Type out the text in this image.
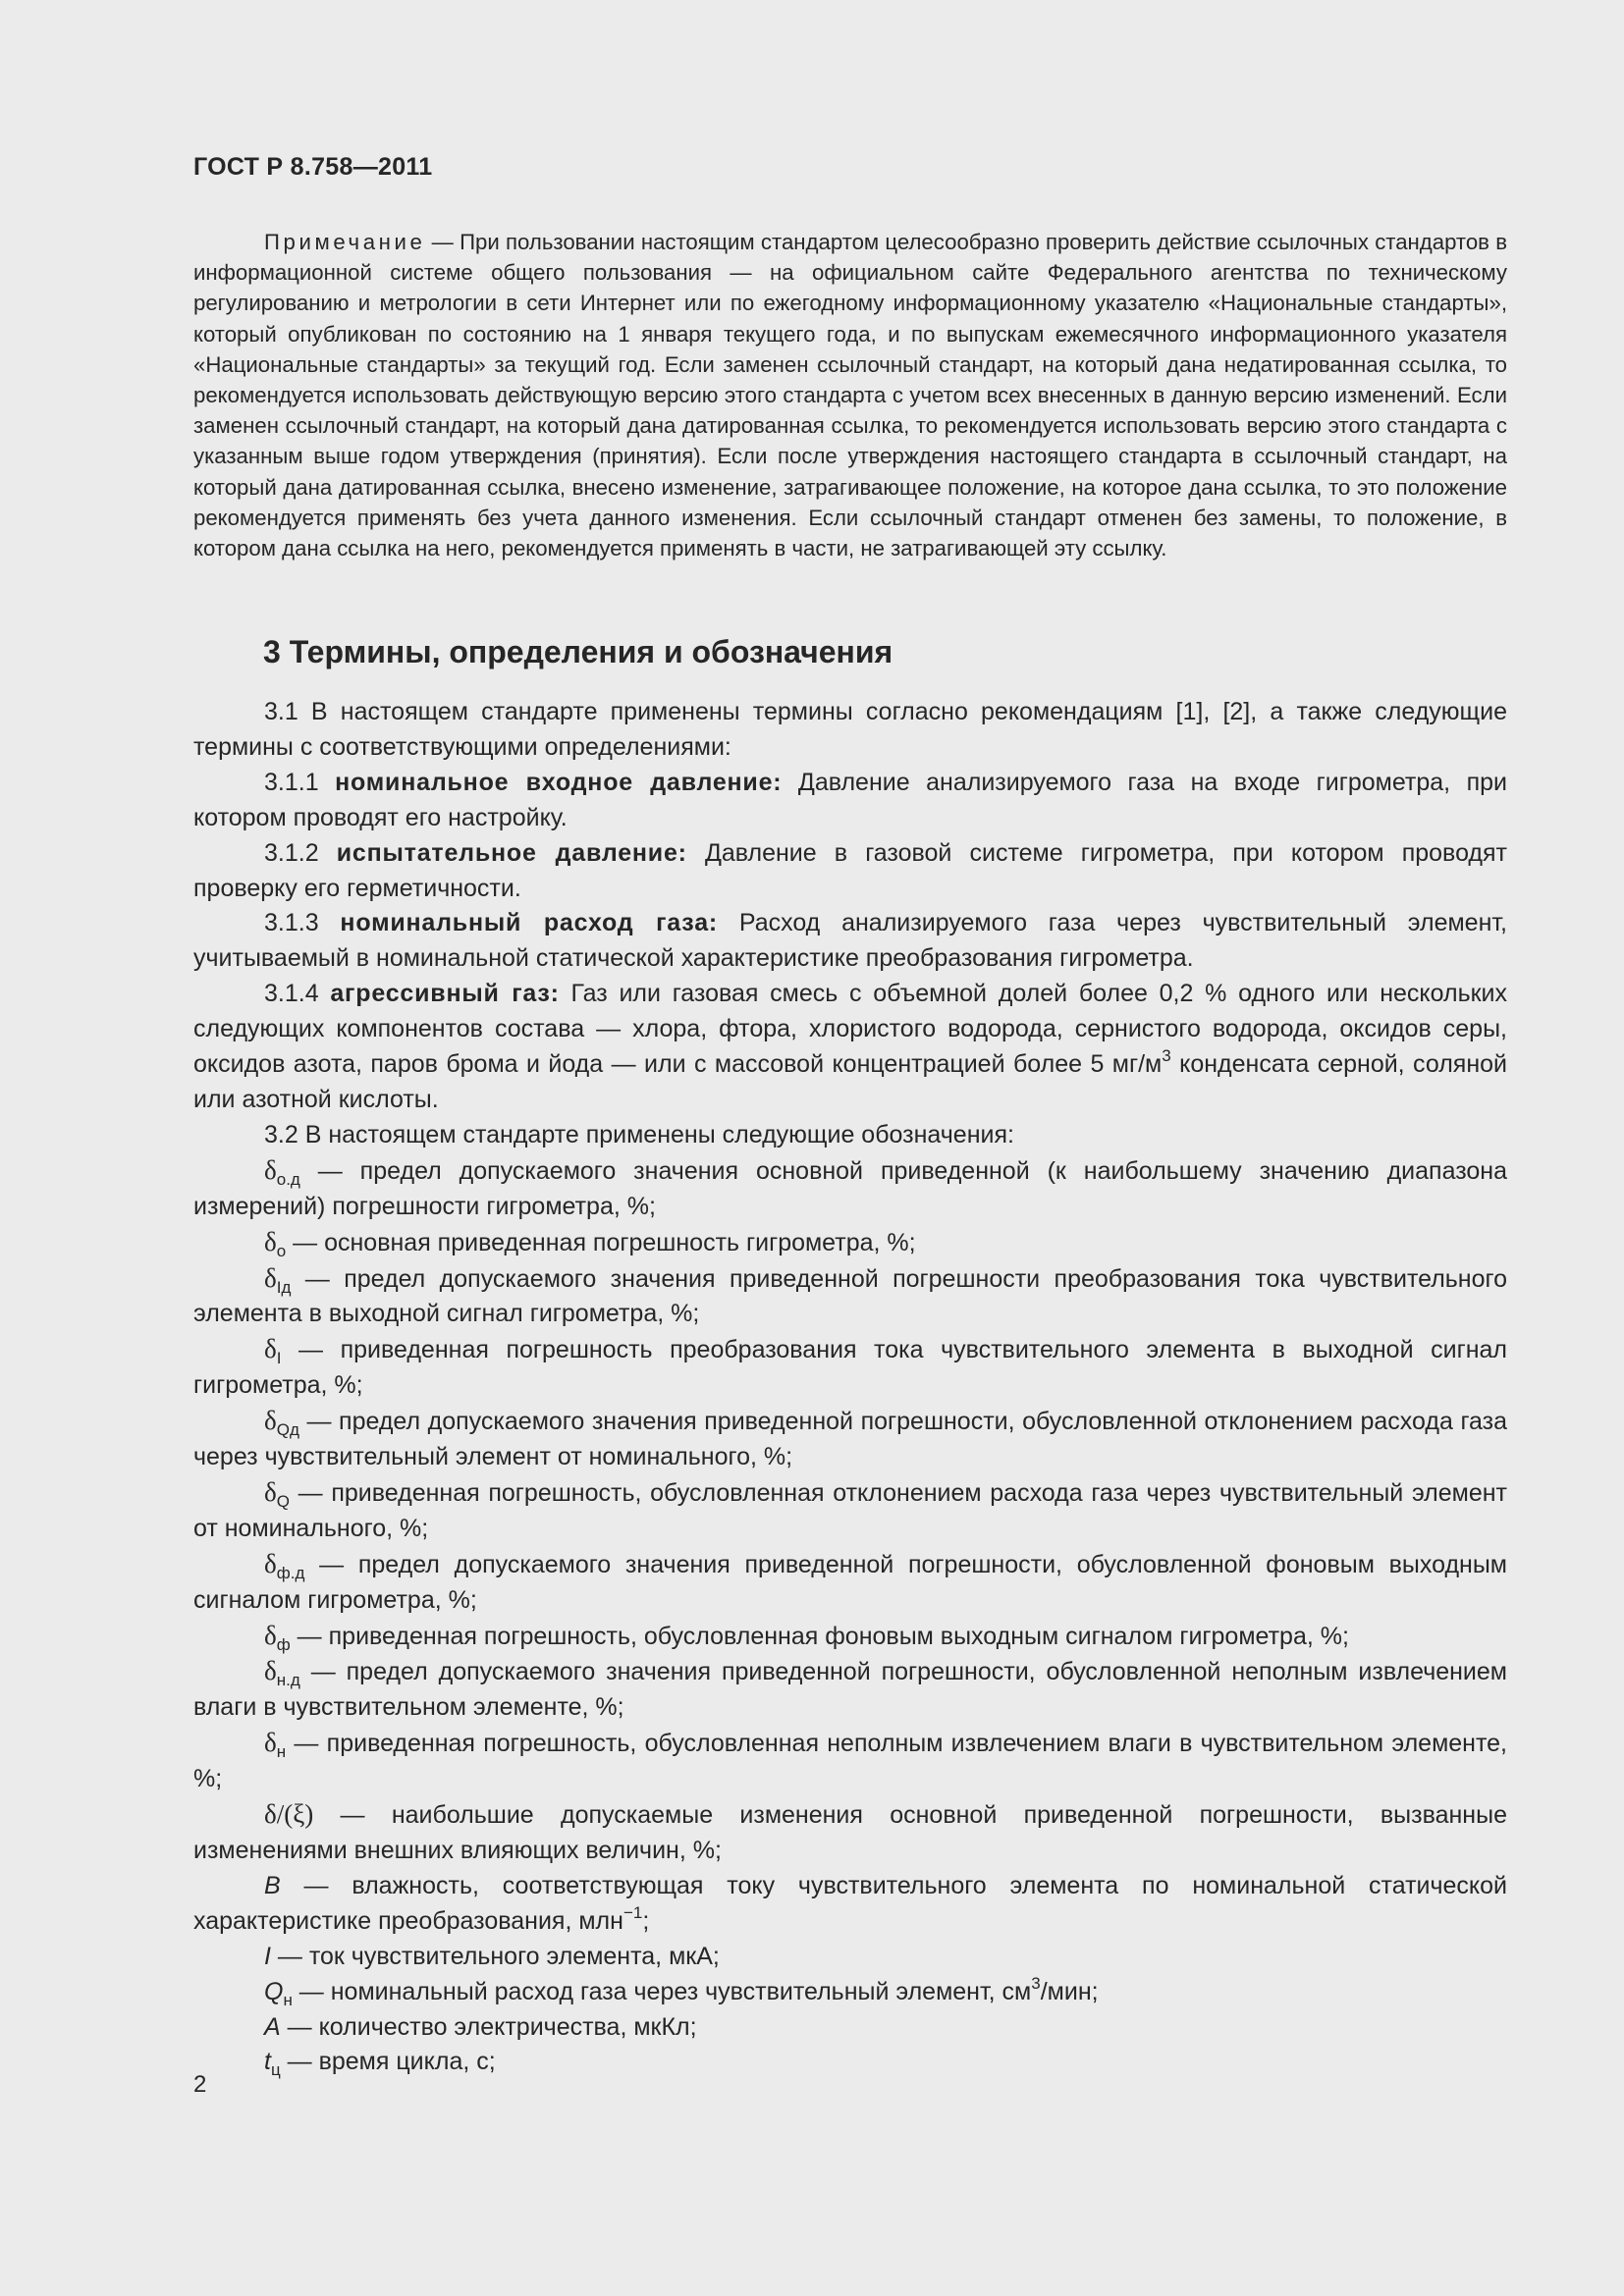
ГОСТ Р 8.758—2011
Примечание — При пользовании настоящим стандартом целесообразно проверить действие ссылочных стандартов в информационной системе общего пользования — на официальном сайте Федерального агентства по техническому регулированию и метрологии в сети Интернет или по ежегодному информационному указателю «Национальные стандарты», который опубликован по состоянию на 1 января текущего года, и по выпускам ежемесячного информационного указателя «Национальные стандарты» за текущий год. Если заменен ссылочный стандарт, на который дана недатированная ссылка, то рекомендуется использовать действующую версию этого стандарта с учетом всех внесенных в данную версию изменений. Если заменен ссылочный стандарт, на который дана датированная ссылка, то рекомендуется использовать версию этого стандарта с указанным выше годом утверждения (принятия). Если после утверждения настоящего стандарта в ссылочный стандарт, на который дана датированная ссылка, внесено изменение, затрагивающее положение, на которое дана ссылка, то это положение рекомендуется применять без учета данного изменения. Если ссылочный стандарт отменен без замены, то положение, в котором дана ссылка на него, рекомендуется применять в части, не затрагивающей эту ссылку.
3 Термины, определения и обозначения

3.1 В настоящем стандарте применены термины согласно рекомендациям [1], [2], а также следующие термины с соответствующими определениями:

3.1.1 номинальное входное давление: Давление анализируемого газа на входе гигрометра, при котором проводят его настройку.

3.1.2 испытательное давление: Давление в газовой системе гигрометра, при котором проводят проверку его герметичности.

3.1.3 номинальный расход газа: Расход анализируемого газа через чувствительный элемент, учитываемый в номинальной статической характеристике преобразования гигрометра.

3.1.4 агрессивный газ: Газ или газовая смесь с объемной долей более 0,2 % одного или нескольких следующих компонентов состава — хлора, фтора, хлористого водорода, сернистого водорода, оксидов серы, оксидов азота, паров брома и йода — или с массовой концентрацией более 5 $мг/м^3$ конденсата серной, соляной или азотной кислоты.

3.2 В настоящем стандарте применены следующие обозначения:

$\delta_{о.д}$ — предел допускаемого значения основной приведенной (к наибольшему значению диапазона измерений) погрешности гигрометра, %;

$\delta_о$ — основная приведенная погрешность гигрометра, %;

$\delta_{Iд}$ — предел допускаемого значения приведенной погрешности преобразования тока чувствительного элемента в выходной сигнал гигрометра, %;

$\delta_I$ — приведенная погрешность преобразования тока чувствительного элемента в выходной сигнал гигрометра, %;

$\delta_{Qд}$ — предел допускаемого значения приведенной погрешности, обусловленной отклонением расхода газа через чувствительный элемент от номинального, %;

$\delta_Q$ — приведенная погрешность, обусловленная отклонением расхода газа через чувствительный элемент от номинального, %;

$\delta_{ф.д}$ — предел допускаемого значения приведенной погрешности, обусловленной фоновым выходным сигналом гигрометра, %;

$\delta_ф$ — приведенная погрешность, обусловленная фоновым выходным сигналом гигрометра, %;

$\delta_{н.д}$ — предел допускаемого значения приведенной погрешности, обусловленной неполным извлечением влаги в чувствительном элементе, %;

$\delta_н$ — приведенная погрешность, обусловленная неполным извлечением влаги в чувствительном элементе, %;

δ/(ξ) — наибольшие допускаемые изменения основной приведенной погрешности, вызванные изменениями внешних влияющих величин, %;

B — влажность, соответствующая току чувствительного элемента по номинальной статической характеристике преобразования, млн$^{-1}$;

I — ток чувствительного элемента, мкА;

$Q_н$ — номинальный расход газа через чувствительный элемент, $см^3$/мин;

A — количество электричества, мкКл;

$t_ц$ — время цикла, с;

2
